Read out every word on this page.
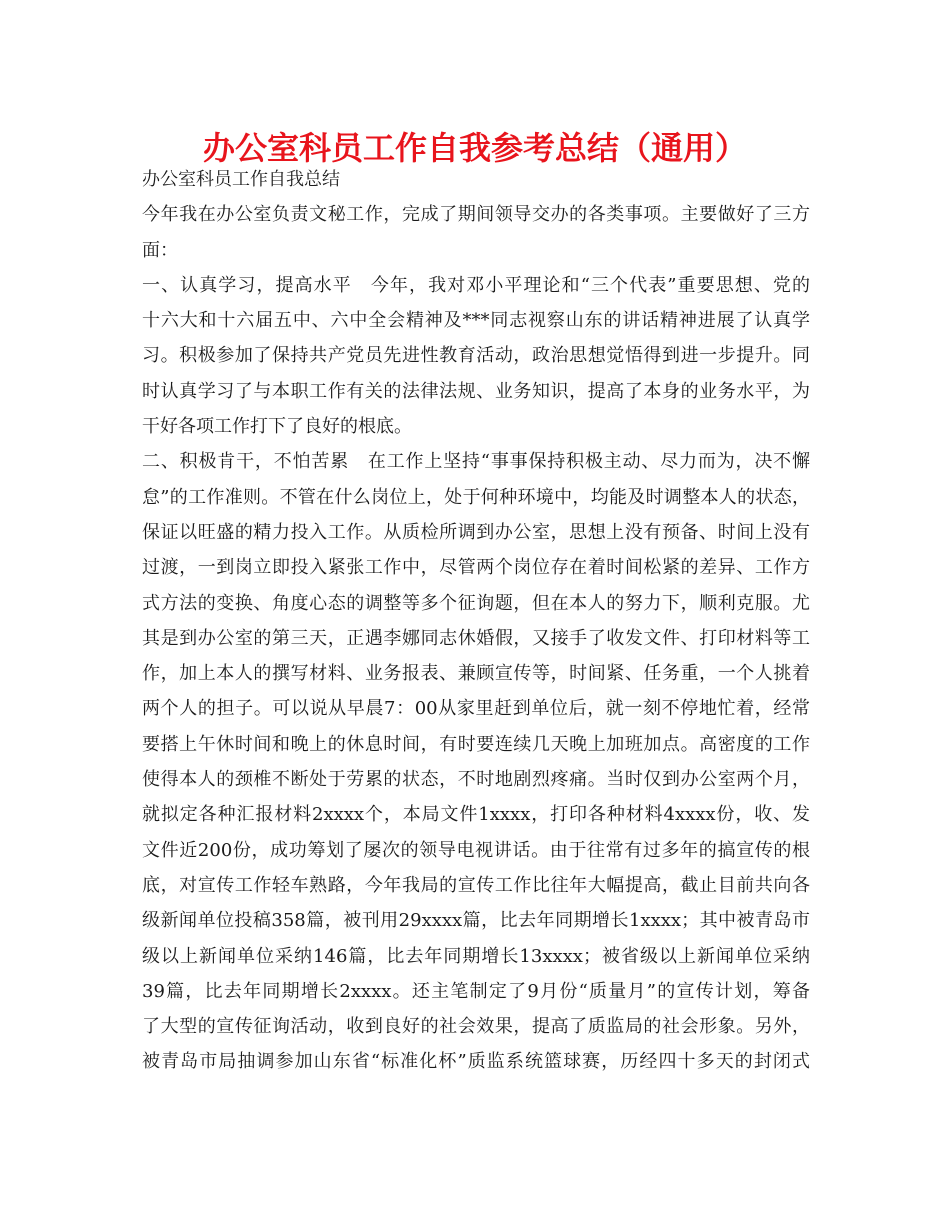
办公室科员工作自我参考总结（通用）
办公室科员工作自我总结
今年我在办公室负责文秘工作，完成了期间领导交办的各类事项。主要做好了三方
面：
一、认真学习，提高水平　今年，我对邓小平理论和“三个代表”重要思想、党的
十六大和十六届五中、六中全会精神及***同志视察山东的讲话精神进展了认真学
习。积极参加了保持共产党员先进性教育活动，政治思想觉悟得到进一步提升。同
时认真学习了与本职工作有关的法律法规、业务知识，提高了本身的业务水平，为
干好各项工作打下了良好的根底。
二、积极肯干，不怕苦累　在工作上坚持“事事保持积极主动、尽力而为，决不懈
怠”的工作准则。不管在什么岗位上，处于何种环境中，均能及时调整本人的状态，
保证以旺盛的精力投入工作。从质检所调到办公室，思想上没有预备、时间上没有
过渡，一到岗立即投入紧张工作中，尽管两个岗位存在着时间松紧的差异、工作方
式方法的变换、角度心态的调整等多个征询题，但在本人的努力下，顺利克服。尤
其是到办公室的第三天，正遇李娜同志休婚假，又接手了收发文件、打印材料等工
作，加上本人的撰写材料、业务报表、兼顾宣传等，时间紧、任务重，一个人挑着
两个人的担子。可以说从早晨7：00从家里赶到单位后，就一刻不停地忙着，经常
要搭上午休时间和晚上的休息时间，有时要连续几天晚上加班加点。高密度的工作
使得本人的颈椎不断处于劳累的状态，不时地剧烈疼痛。当时仅到办公室两个月，
就拟定各种汇报材料2xxxx个，本局文件1xxxx，打印各种材料4xxxx份，收、发
文件近200份，成功筹划了屡次的领导电视讲话。由于往常有过多年的搞宣传的根
底，对宣传工作轻车熟路，今年我局的宣传工作比往年大幅提高，截止目前共向各
级新闻单位投稿358篇，被刊用29xxxx篇，比去年同期增长1xxxx；其中被青岛市
级以上新闻单位采纳146篇，比去年同期增长13xxxx；被省级以上新闻单位采纳
39篇，比去年同期增长2xxxx。还主笔制定了9月份“质量月”的宣传计划，筹备
了大型的宣传征询活动，收到良好的社会效果，提高了质监局的社会形象。另外，
被青岛市局抽调参加山东省“标准化杯”质监系统篮球赛，历经四十多天的封闭式
